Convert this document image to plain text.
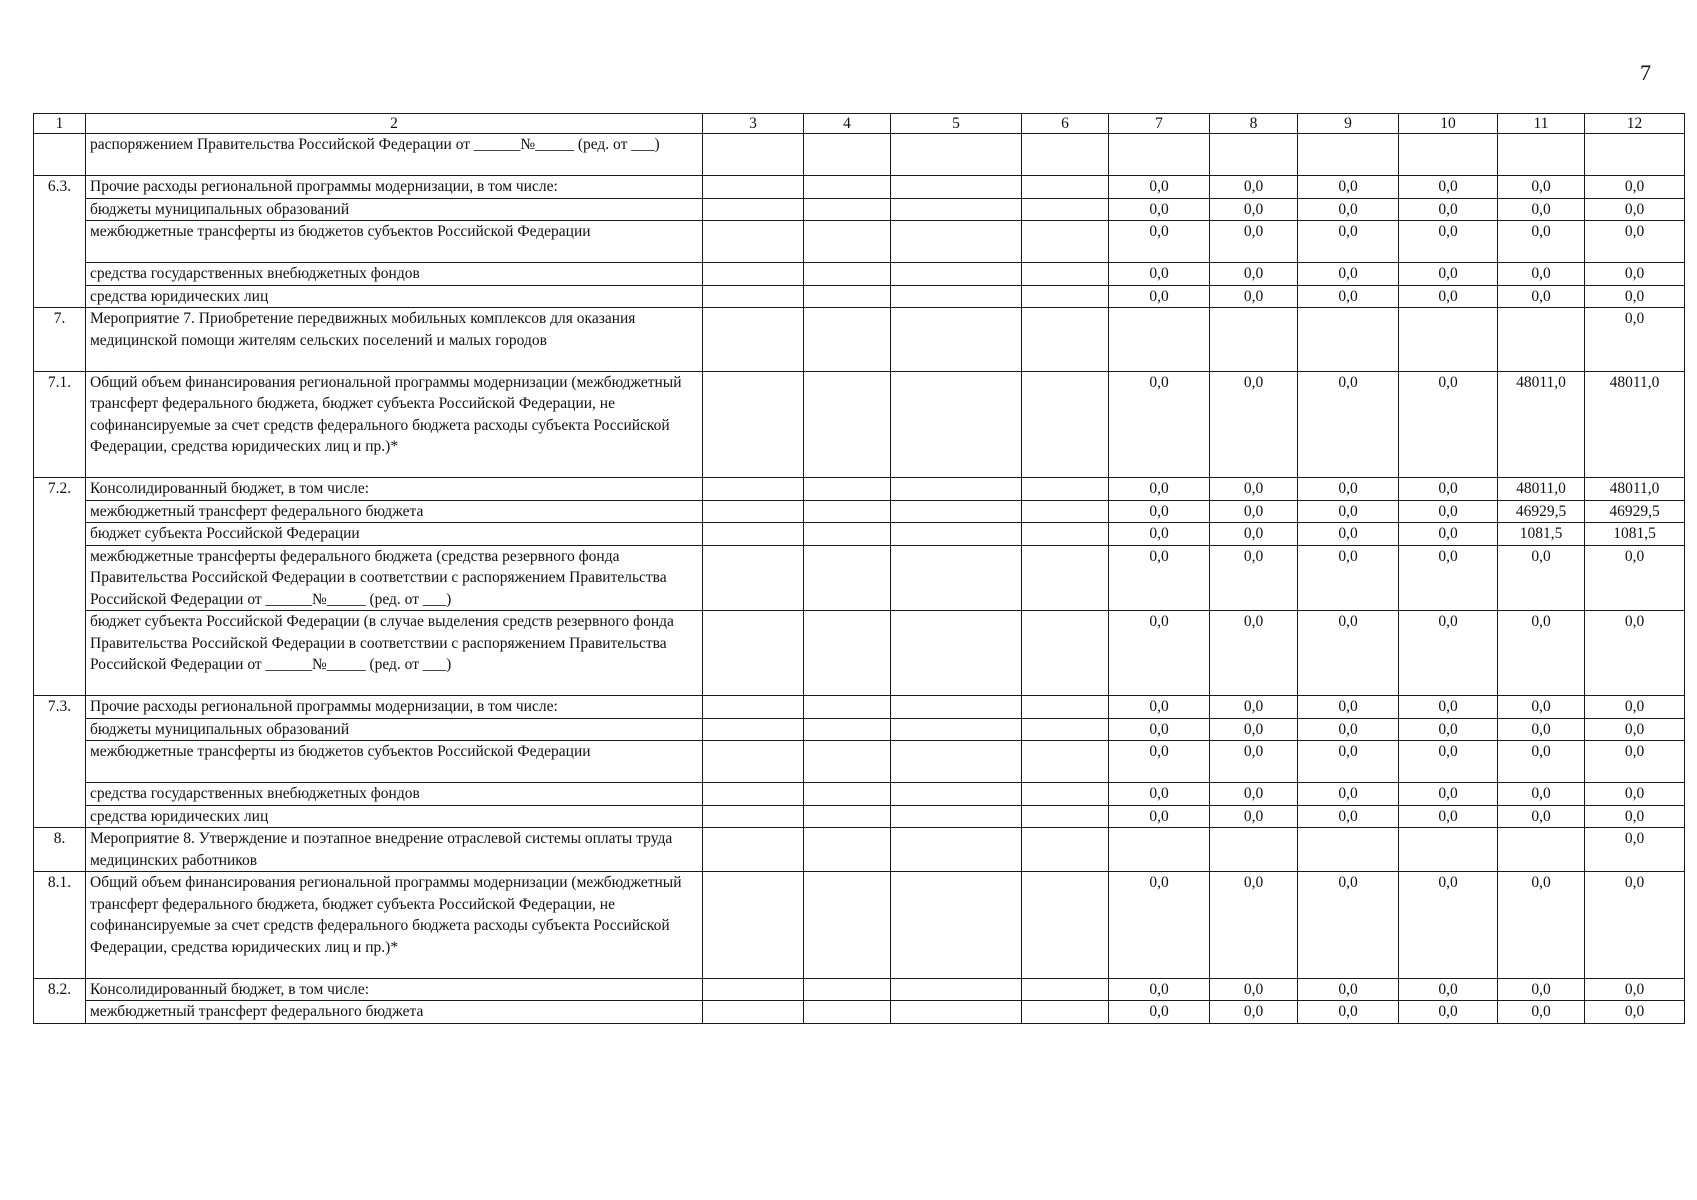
7
1	2	3	4	5	6	7	8	9	10	11	12
	распоряжением Правительства Российской Федерации от ______№_____ (ред. от ___)										
6.3.	Прочие расходы региональной программы модернизации, в том числе:					0,0	0,0	0,0	0,0	0,0	0,0
	бюджеты муниципальных образований					0,0	0,0	0,0	0,0	0,0	0,0
	межбюджетные трансферты из бюджетов субъектов Российской Федерации					0,0	0,0	0,0	0,0	0,0	0,0
	средства государственных внебюджетных фондов					0,0	0,0	0,0	0,0	0,0	0,0
	средства юридических лиц					0,0	0,0	0,0	0,0	0,0	0,0
7.	Мероприятие 7. Приобретение передвижных мобильных комплексов для оказания медицинской помощи жителям сельских поселений и малых городов										0,0
7.1.	Общий объем финансирования региональной программы модернизации (межбюджетный трансферт федерального бюджета, бюджет субъекта Российской Федерации, не софинансируемые за счет средств федерального бюджета расходы субъекта Российской Федерации, средства юридических лиц и пр.)*					0,0	0,0	0,0	0,0	48011,0	48011,0
7.2.	Консолидированный бюджет, в том числе:					0,0	0,0	0,0	0,0	48011,0	48011,0
	межбюджетный трансферт федерального бюджета					0,0	0,0	0,0	0,0	46929,5	46929,5
	бюджет субъекта Российской Федерации					0,0	0,0	0,0	0,0	1081,5	1081,5
	межбюджетные трансферты федерального бюджета (средства резервного фонда Правительства Российской Федерации в соответствии с распоряжением Правительства Российской Федерации от ______№_____ (ред. от ___)					0,0	0,0	0,0	0,0	0,0	0,0
	бюджет субъекта Российской Федерации (в случае выделения средств резервного фонда Правительства Российской Федерации в соответствии с распоряжением Правительства Российской Федерации от ______№_____ (ред. от ___)					0,0	0,0	0,0	0,0	0,0	0,0
7.3.	Прочие расходы региональной программы модернизации, в том числе:					0,0	0,0	0,0	0,0	0,0	0,0
	бюджеты муниципальных образований					0,0	0,0	0,0	0,0	0,0	0,0
	межбюджетные трансферты из бюджетов субъектов Российской Федерации					0,0	0,0	0,0	0,0	0,0	0,0
	средства государственных внебюджетных фондов					0,0	0,0	0,0	0,0	0,0	0,0
	средства юридических лиц					0,0	0,0	0,0	0,0	0,0	0,0
8.	Мероприятие 8. Утверждение и поэтапное внедрение отраслевой системы оплаты труда медицинских работников										0,0
8.1.	Общий объем финансирования региональной программы модернизации (межбюджетный трансферт федерального бюджета, бюджет субъекта Российской Федерации, не софинансируемые за счет средств федерального бюджета расходы субъекта Российской Федерации, средства юридических лиц и пр.)*					0,0	0,0	0,0	0,0	0,0	0,0
8.2.	Консолидированный бюджет, в том числе:					0,0	0,0	0,0	0,0	0,0	0,0
	межбюджетный трансферт федерального бюджета					0,0	0,0	0,0	0,0	0,0	0,0
